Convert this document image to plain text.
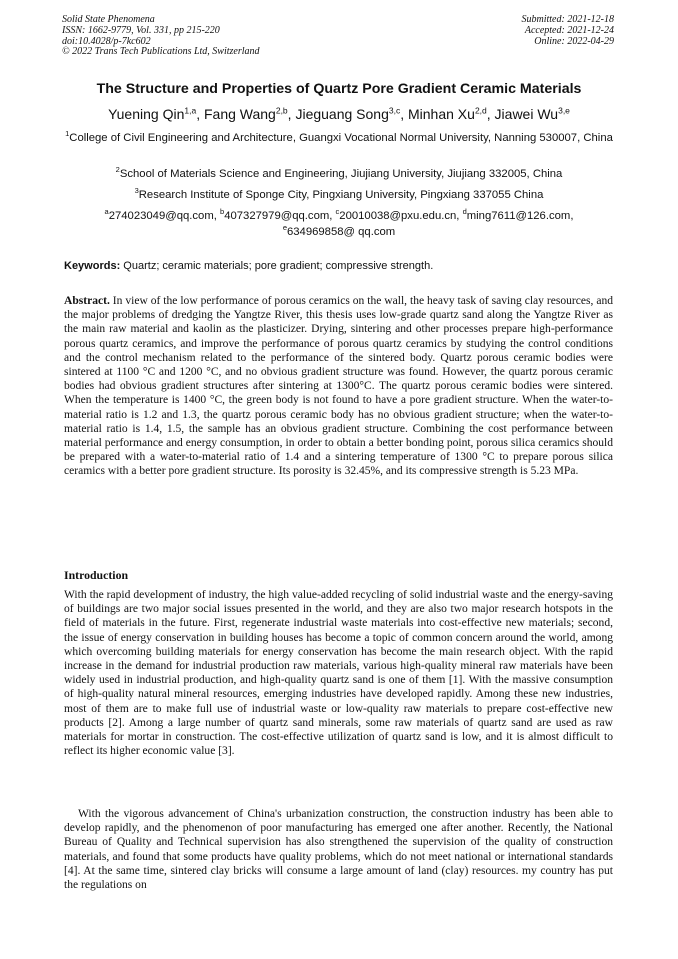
Solid State Phenomena
ISSN: 1662-9779, Vol. 331, pp 215-220
doi:10.4028/p-7kc602
© 2022 Trans Tech Publications Ltd, Switzerland
Submitted: 2021-12-18
Accepted: 2021-12-24
Online: 2022-04-29
The Structure and Properties of Quartz Pore Gradient Ceramic Materials
Yuening Qin$^{1,a}$, Fang Wang$^{2,b}$, Jieguang Song$^{3,c}$, Minhan Xu$^{2,d}$, Jiawei Wu$^{3,e}$
$^1$College of Civil Engineering and Architecture, Guangxi Vocational Normal University, Nanning 530007, China
$^2$School of Materials Science and Engineering, Jiujiang University, Jiujiang 332005, China
$^3$Research Institute of Sponge City, Pingxiang University, Pingxiang 337055 China
$^a$274023049@qq.com, $^b$407327979@qq.com, $^c$20010038@pxu.edu.cn, $^d$ming7611@126.com,
$^e$634969858@ qq.com
Keywords: Quartz; ceramic materials; pore gradient; compressive strength.

Abstract. In view of the low performance of porous ceramics on the wall, the heavy task of saving clay resources, and the major problems of dredging the Yangtze River, this thesis uses low-grade quartz sand along the Yangtze River as the main raw material and kaolin as the plasticizer. Drying, sintering and other processes prepare high-performance porous quartz ceramics, and improve the performance of porous quartz ceramics by studying the control conditions and the control mechanism related to the performance of the sintered body. Quartz porous ceramic bodies were sintered at 1100 °C and 1200 °C, and no obvious gradient structure was found. However, the quartz porous ceramic bodies had obvious gradient structures after sintering at 1300°C. The quartz porous ceramic bodies were sintered. When the temperature is 1400 °C, the green body is not found to have a pore gradient structure. When the water-to-material ratio is 1.2 and 1.3, the quartz porous ceramic body has no obvious gradient structure; when the water-to-material ratio is 1.4, 1.5, the sample has an obvious gradient structure. Combining the cost performance between material performance and energy consumption, in order to obtain a better bonding point, porous silica ceramics should be prepared with a water-to-material ratio of 1.4 and a sintering temperature of 1300 °C to prepare porous silica ceramics with a better pore gradient structure. Its porosity is 32.45%, and its compressive strength is 5.23 MPa.

Introduction

With the rapid development of industry, the high value-added recycling of solid industrial waste and the energy-saving of buildings are two major social issues presented in the world, and they are also two major research hotspots in the field of materials in the future. First, regenerate industrial waste materials into cost-effective new materials; second, the issue of energy conservation in building houses has become a topic of common concern around the world, among which overcoming building materials for energy conservation has become the main research object. With the rapid increase in the demand for industrial production raw materials, various high-quality mineral raw materials have been widely used in industrial production, and high-quality quartz sand is one of them [1]. With the massive consumption of high-quality natural mineral resources, emerging industries have developed rapidly. Among these new industries, most of them are to make full use of industrial waste or low-quality raw materials to prepare cost-effective new products [2]. Among a large number of quartz sand minerals, some raw materials of quartz sand are used as raw materials for mortar in construction. The cost-effective utilization of quartz sand is low, and it is almost difficult to reflect its higher economic value [3].

With the vigorous advancement of China's urbanization construction, the construction industry has been able to develop rapidly, and the phenomenon of poor manufacturing has emerged one after another. Recently, the National Bureau of Quality and Technical supervision has also strengthened the supervision of the quality of construction materials, and found that some products have quality problems, which do not meet national or international standards [4]. At the same time, sintered clay bricks will consume a large amount of land (clay) resources. my country has put the regulations on
